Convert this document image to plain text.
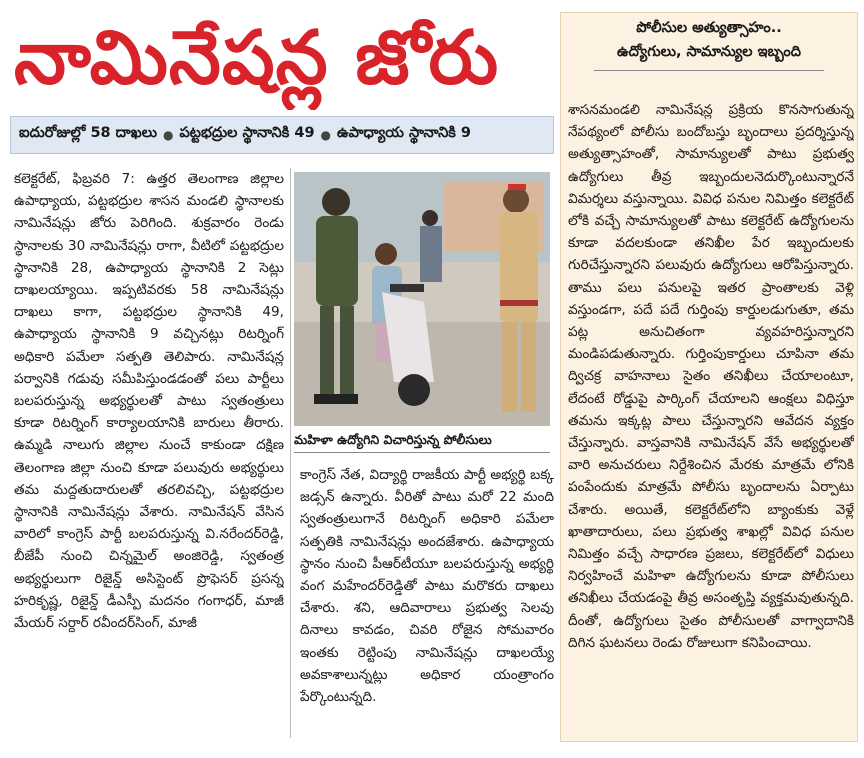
నామినేషన్ల జోరు
ఐదురోజుల్లో 58 దాఖలు ● పట్టభద్రుల స్థానానికి 49 ● ఉపాధ్యాయ స్థానానికి 9
కలెక్టరేట్, ఫిబ్రవరి 7: ఉత్తర తెలంగాణ జిల్లాల ఉపాధ్యాయ, పట్టభద్రుల శాసన మండలి స్థానాలకు నామినేషన్లు జోరు పెరిగింది. శుక్రవారం రెండు స్థానాలకు 30 నామినేషన్లు రాగా, వీటిలో పట్టభద్రుల స్థానానికి 28, ఉపాధ్యాయ స్థానానికి 2 సెట్లు దాఖలయ్యాయి. ఇప్పటివరకు 58 నామినేషన్లు దాఖలు కాగా, పట్టభద్రుల స్థానానికి 49, ఉపాధ్యాయ స్థానానికి 9 వచ్చినట్లు రిటర్నింగ్ అధికారి పమేలా సత్పతి తెలిపారు. నామినేషన్ల పర్వానికి గడువు సమీపిస్తుండడంతో పలు పార్టీలు బలపరుస్తున్న అభ్యర్థులతో పాటు స్వతంత్రులు కూడా రిటర్నింగ్ కార్యాలయానికి బారులు తీరారు. ఉమ్మడి నాలుగు జిల్లాల నుంచే కాకుండా దక్షిణ తెలంగాణ జిల్లా నుంచి కూడా పలువురు అభ్యర్థులు తమ మద్దతుదారులతో తరలివచ్చి, పట్టభద్రుల స్థానానికి నామినేషన్లు వేశారు. నామినేషన్ వేసిన వారిలో కాంగ్రెస్ పార్టీ బలపరుస్తున్న వి.నరేందర్‌రెడ్డి, బీజేపీ నుంచి చిన్నమైల్ అంజిరెడ్డి, స్వతంత్ర అభ్యర్థులుగా రిజైన్డ్ అసిస్టెంట్ ప్రొఫెసర్ ప్రసన్న హరికృష్ణ, రిజైన్డ్ డీఎస్పీ మదనం గంగాధర్, మాజీ మేయర్ సర్దార్ రవీందర్‌సింగ్, మాజీ
మహిళా ఉద్యోగిని విచారిస్తున్న పోలీసులు
కాంగ్రెస్ నేత, విద్యార్థి రాజకీయ పార్టీ అభ్యర్థి బక్క జడ్సన్ ఉన్నారు. వీరితో పాటు మరో 22 మంది స్వతంత్రులుగానే రిటర్నింగ్ అధికారి పమేలా సత్పతికి నామినేషన్లు అందజేశారు. ఉపాధ్యాయ స్థానం నుంచి పీఆర్‌టీయూ బలపరుస్తున్న అభ్యర్థి వంగ మహేందర్‌రెడ్డితో పాటు మరొకరు దాఖలు చేశారు. శని, ఆదివారాలు ప్రభుత్వ సెలవు దినాలు కావడం, చివరి రోజైన సోమవారం ఇంతకు రెట్టింపు నామినేషన్లు దాఖలయ్యే అవకాశాలున్నట్లు అధికార యంత్రాంగం పేర్కొంటున్నది.
పోలీసుల అత్యుత్సాహం..
ఉద్యోగులు, సామాన్యుల ఇబ్బంది
శాసనమండలి నామినేషన్ల ప్రక్రియ కొనసాగుతున్న నేపథ్యంలో పోలీసు బందోబస్తు బృందాలు ప్రదర్శిస్తున్న అత్యుత్సాహంతో, సామాన్యులతో పాటు ప్రభుత్వ ఉద్యోగులు తీవ్ర ఇబ్బందులనెదుర్కొంటున్నారనే విమర్శలు వస్తున్నాయి. వివిధ పనుల నిమిత్తం కలెక్టరేట్ లోకి వచ్చే సామాన్యులతో పాటు కలెక్టరేట్ ఉద్యోగులను కూడా వదలకుండా తనిఖీల పేర ఇబ్బందులకు గురిచేస్తున్నారని పలువురు ఉద్యోగులు ఆరోపిస్తున్నారు. తాము పలు పనులపై ఇతర ప్రాంతాలకు వెళ్లి వస్తుండగా, పదే పదే గుర్తింపు కార్డులడుగుతూ, తమ పట్ల అనుచితంగా వ్యవహరిస్తున్నారని మండిపడుతున్నారు. గుర్తింపుకార్డులు చూపినా తమ ద్విచక్ర వాహనాలు సైతం తనిఖీలు చేయాలంటూ, లేదంటే రోడ్డుపై పార్కింగ్ చేయాలని ఆంక్షలు విధిస్తూ తమను ఇక్కట్ల పాలు చేస్తున్నారని ఆవేదన వ్యక్తం చేస్తున్నారు. వాస్తవానికి నామినేషన్ వేసే అభ్యర్థులతో వారి అనుచరులు నిర్దేశించిన మేరకు మాత్రమే లోనికి పంపేందుకు మాత్రమే పోలీసు బృందాలను ఏర్పాటు చేశారు. అయితే, కలెక్టరేట్‌లోని బ్యాంకుకు వెళ్లే ఖాతాదారులు, పలు ప్రభుత్వ శాఖల్లో వివిధ పనుల నిమిత్తం వచ్చే సాధారణ ప్రజలు, కలెక్టరేట్‌లో విధులు నిర్వహించే మహిళా ఉద్యోగులను కూడా పోలీసులు తనిఖీలు చేయడంపై తీవ్ర అసంతృప్తి వ్యక్తమవుతున్నది. దీంతో, ఉద్యోగులు సైతం పోలీసులతో వాగ్వాదానికి దిగిన ఘటనలు రెండు రోజులుగా కనిపించాయి.
